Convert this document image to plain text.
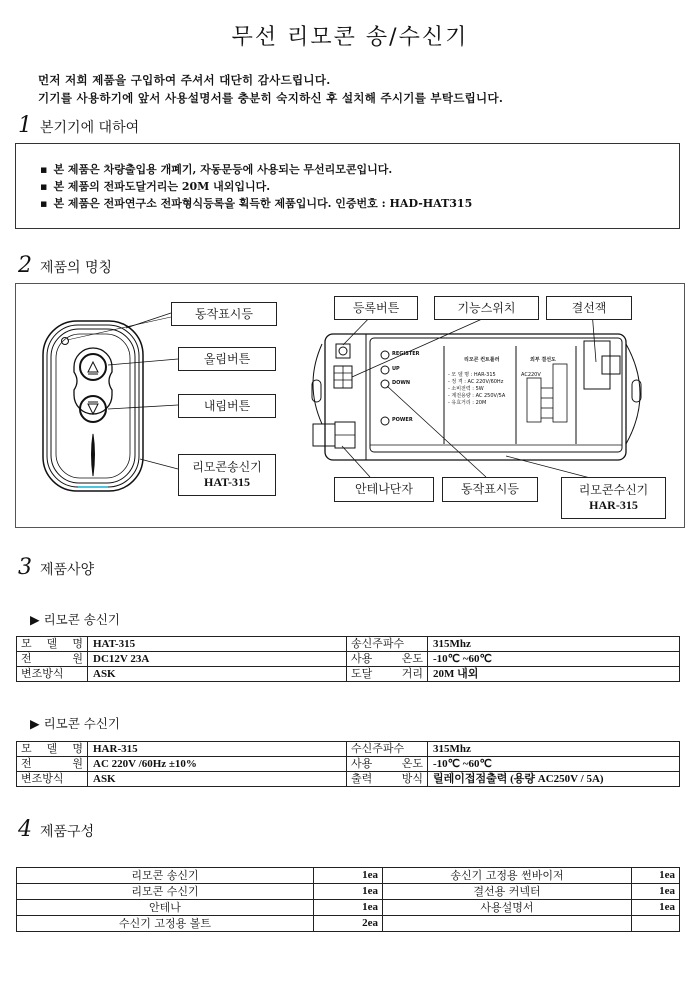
무선 리모콘 송/수신기
먼저 저희 제품을 구입하여 주셔서 대단히 감사드립니다.
기기를 사용하기에 앞서 사용설명서를 충분히 숙지하신 후 설치해 주시기를 부탁드립니다.
1 본기기에 대하여
▪ 본 제품은 차량출입용 개폐기, 자동문등에 사용되는 무선리모콘입니다.
▪ 본 제품의 전파도달거리는 20M 내외입니다.
▪ 본 제품은 전파연구소 전파형식등록을 획득한 제품입니다. 인증번호 : HAD-HAT315
2 제품의 명칭
REGISTER
UP
DOWN
POWER
리모콘 컨트롤러
- 모 델 명 : HAR-315
- 정 격 : AC 220V/60Hz
- 소비전력 : 5W
- 계전용량 : AC 250V/5A
- 유효거리 : 20M
외부 결선도
AC220V
동작표시등
올림버튼
내림버튼
리모콘송신기
HAT-315
등록버튼	기능스위치	결선잭
안테나단자	동작표시등	리모콘수신기
HAR-315
3 제품사양
▶ 리모콘 송신기
모 델 명	HAT-315	송신주파수	315Mhz
전 원	DC12V 23A	사용 온도	-10℃ ~60℃
변조방식	ASK	도달 거리	20M 내외
▶ 리모콘 수신기
모 델 명	HAR-315	수신주파수	315Mhz
전 원	AC 220V /60Hz ±10%	사용 온도	-10℃ ~60℃
변조방식	ASK	출력 방식	릴레이접점출력 (용량 AC250V / 5A)
4 제품구성
리모콘 송신기	1ea	송신기 고정용 썬바이저	1ea
리모콘 수신기	1ea	결선용 커넥터	1ea
안테나	1ea	사용설명서	1ea
수신기 고정용 볼트	2ea		
